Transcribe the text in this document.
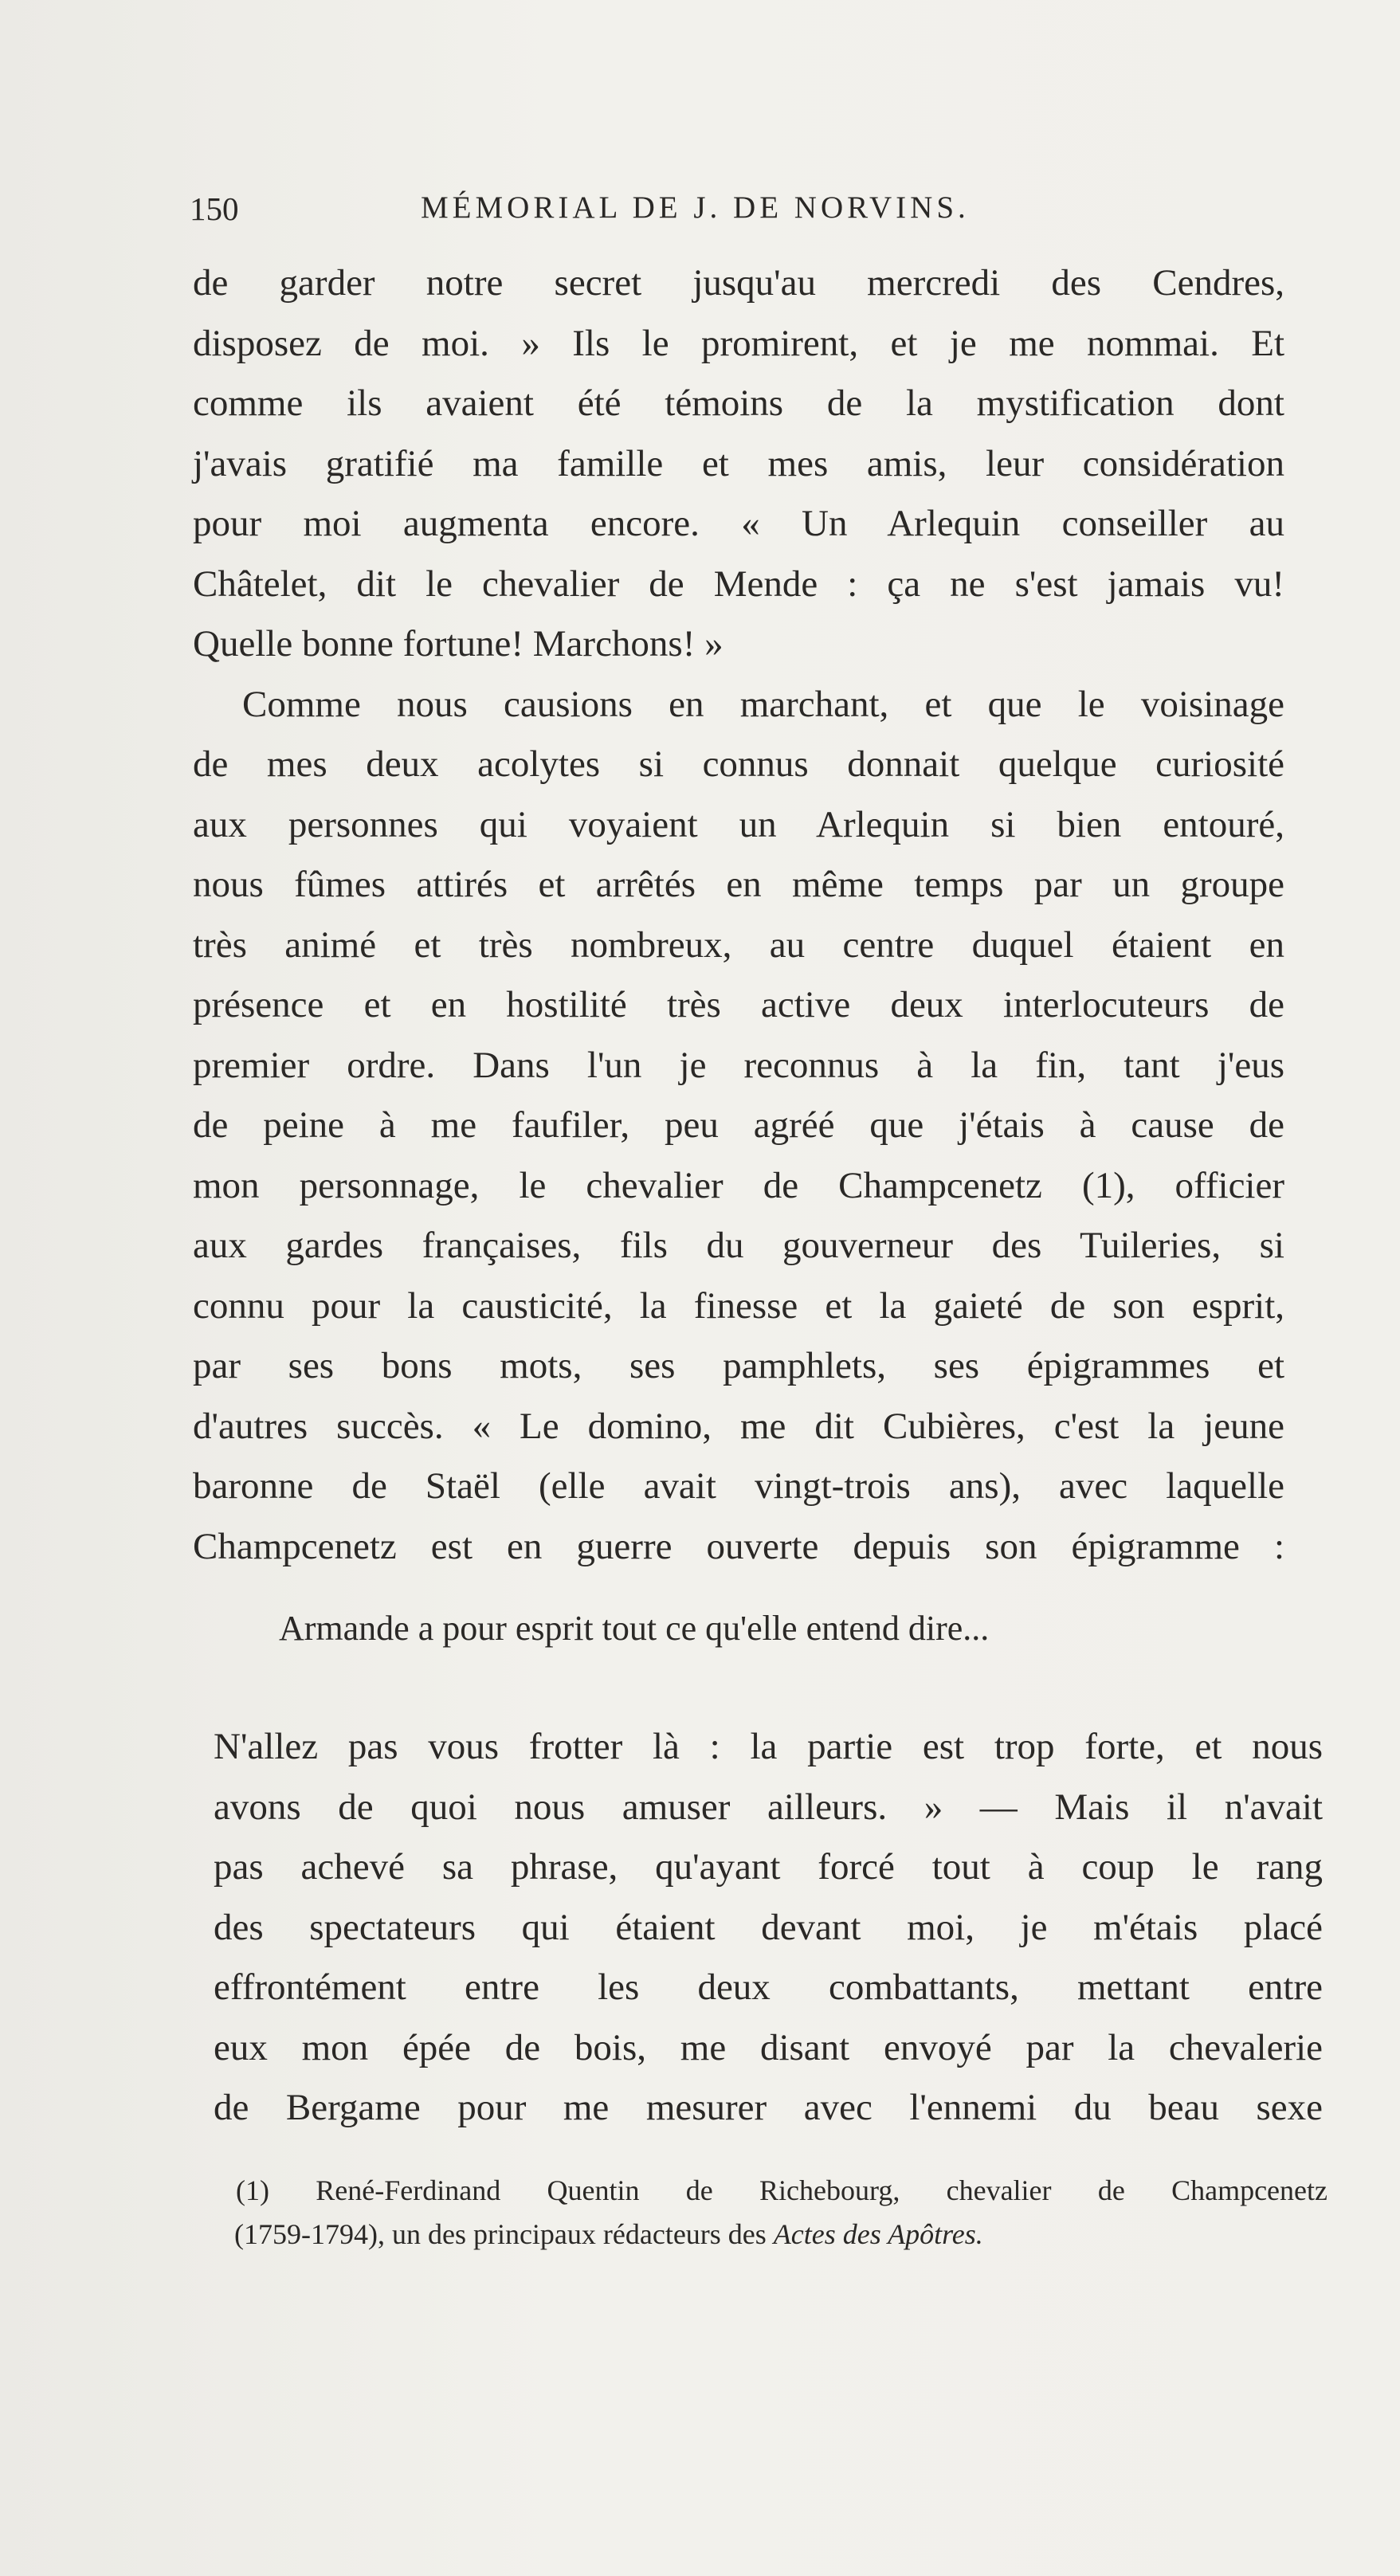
150	MÉMORIAL DE J. DE NORVINS.
de garder notre secret jusqu'au mercredi des Cendres,
disposez de moi. » Ils le promirent, et je me nommai. Et
comme ils avaient été témoins de la mystification dont
j'avais gratifié ma famille et mes amis, leur considération
pour moi augmenta encore. « Un Arlequin conseiller au
Châtelet, dit le chevalier de Mende : ça ne s'est jamais vu!
Quelle bonne fortune! Marchons! »
Comme nous causions en marchant, et que le voisinage
de mes deux acolytes si connus donnait quelque curiosité
aux personnes qui voyaient un Arlequin si bien entouré,
nous fûmes attirés et arrêtés en même temps par un groupe
très animé et très nombreux, au centre duquel étaient en
présence et en hostilité très active deux interlocuteurs de
premier ordre. Dans l'un je reconnus à la fin, tant j'eus
de peine à me faufiler, peu agréé que j'étais à cause de
mon personnage, le chevalier de Champcenetz (1), officier
aux gardes françaises, fils du gouverneur des Tuileries, si
connu pour la causticité, la finesse et la gaieté de son esprit,
par ses bons mots, ses pamphlets, ses épigrammes et
d'autres succès. « Le domino, me dit Cubières, c'est la jeune
baronne de Staël (elle avait vingt-trois ans), avec laquelle
Champcenetz est en guerre ouverte depuis son épigramme :
Armande a pour esprit tout ce qu'elle entend dire...
N'allez pas vous frotter là : la partie est trop forte, et nous
avons de quoi nous amuser ailleurs. » — Mais il n'avait
pas achevé sa phrase, qu'ayant forcé tout à coup le rang
des spectateurs qui étaient devant moi, je m'étais placé
effrontément entre les deux combattants, mettant entre
eux mon épée de bois, me disant envoyé par la chevalerie
de Bergame pour me mesurer avec l'ennemi du beau sexe
(1) René-Ferdinand Quentin de Richebourg, chevalier de Champcenetz
(1759-1794), un des principaux rédacteurs des Actes des Apôtres.
